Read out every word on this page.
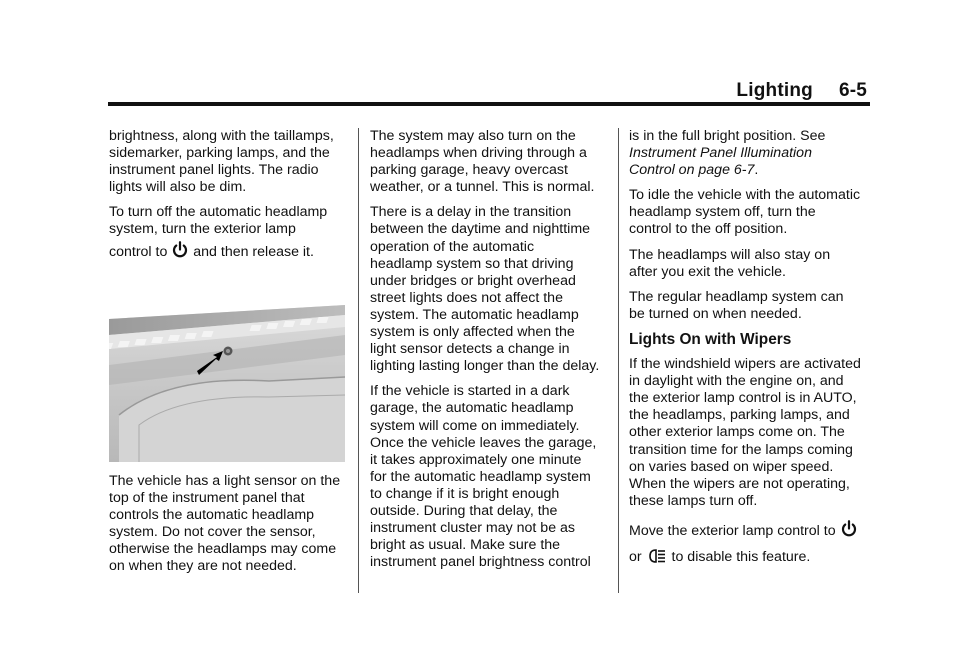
Lighting 6-5

brightness, along with the taillamps, sidemarker, parking lamps, and the instrument panel lights. The radio lights will also be dim.

To turn off the automatic headlamp system, turn the exterior lamp
control to and then release it.

The vehicle has a light sensor on the top of the instrument panel that controls the automatic headlamp system. Do not cover the sensor, otherwise the headlamps may come on when they are not needed.

The system may also turn on the headlamps when driving through a parking garage, heavy overcast weather, or a tunnel. This is normal.

There is a delay in the transition between the daytime and nighttime operation of the automatic headlamp system so that driving under bridges or bright overhead street lights does not affect the system. The automatic headlamp system is only affected when the light sensor detects a change in lighting lasting longer than the delay.

If the vehicle is started in a dark garage, the automatic headlamp system will come on immediately. Once the vehicle leaves the garage, it takes approximately one minute for the automatic headlamp system to change if it is bright enough outside. During that delay, the instrument cluster may not be as bright as usual. Make sure the instrument panel brightness control

is in the full bright position. See
Instrument Panel Illumination Control on page 6-7.

To idle the vehicle with the automatic headlamp system off, turn the control to the off position.

The headlamps will also stay on after you exit the vehicle.

The regular headlamp system can be turned on when needed.

Lights On with Wipers

If the windshield wipers are activated in daylight with the engine on, and the exterior lamp control is in AUTO, the headlamps, parking lamps, and other exterior lamps come on. The transition time for the lamps coming on varies based on wiper speed. When the wipers are not operating, these lamps turn off.

Move the exterior lamp control to
or to disable this feature.
